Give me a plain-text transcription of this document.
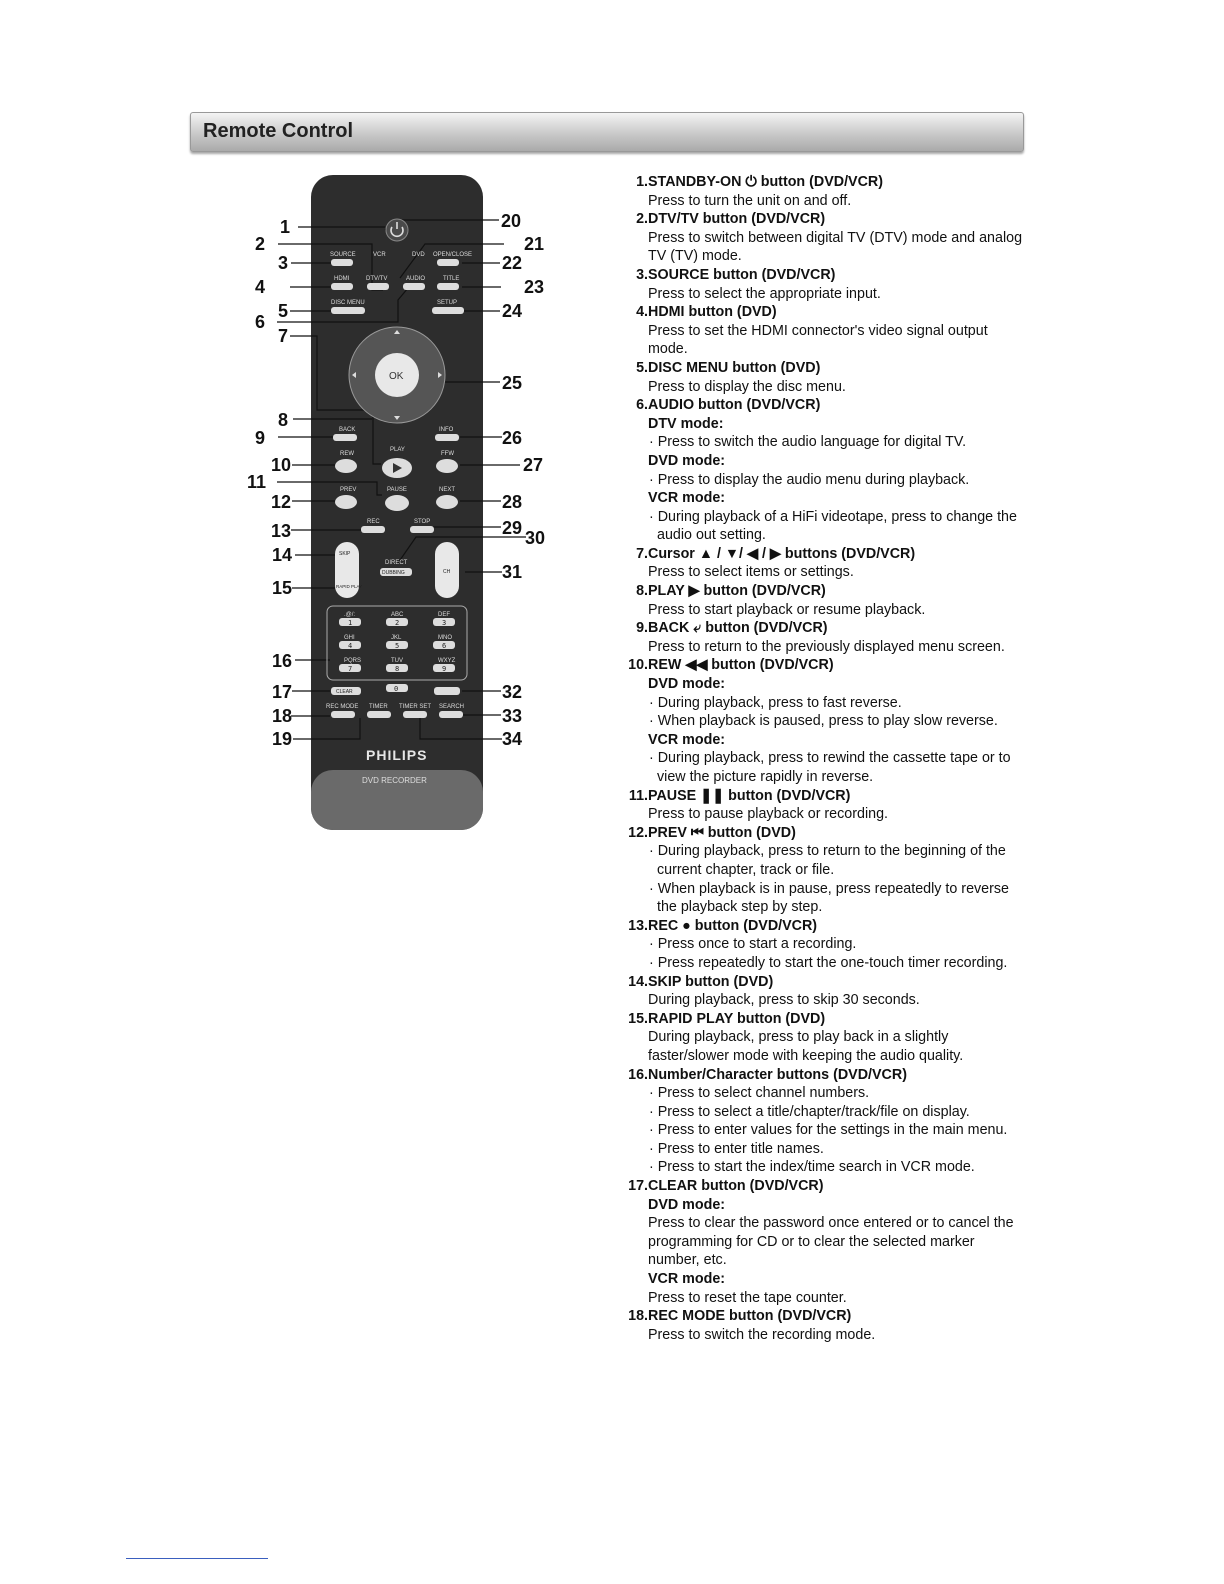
Remote Control
1
2
3
4
5
6
7
8
9
10
11
12
13
14
15
16
17
18
19
20
21
22
23
24
25
26
27
28
29 30
31
32
33
34
SOURCE	VCR	DVD OPEN/CLOSE
HDMI	DTV/TV	AUDIO	TITLE
DISC MENU	SETUP
OK
BACK	INFO
PLAY
REW	FFW
PREV	PAUSE	NEXT
REC	STOP
SKIP
RAPID PLAY
DIRECT
DUBBING	CH
.@/:
1
ABC
2
DEF
3
GHI
4
JKL
5
MNO
6
PQRS
7
TUV
8
WXYZ
9
0
CLEAR
REC MODE TIMER TIMER SET SEARCH
PHILIPS
DVD RECORDER
1.STANDBY-ON ⏻ button (DVD/VCR)
Press to turn the unit on and off.
2.DTV/TV button (DVD/VCR)
Press to switch between digital TV (DTV) mode and analog TV (TV) mode.
3.SOURCE button (DVD/VCR)
Press to select the appropriate input.
4.HDMI button (DVD)
Press to set the HDMI connector's video signal output mode.
5.DISC MENU button (DVD)
Press to display the disc menu.
6.AUDIO button (DVD/VCR)
DTV mode:
· Press to switch the audio language for digital TV.
DVD mode:
· Press to display the audio menu during playback.
VCR mode:
· During playback of a HiFi videotape, press to change the audio out setting.
7.Cursor ▲ / ▼/ ◀ / ▶ buttons (DVD/VCR)
Press to select items or settings.
8.PLAY ▶ button (DVD/VCR)
Press to start playback or resume playback.
9.BACK ⤶ button (DVD/VCR)
Press to return to the previously displayed menu screen.
10.REW ◀◀ button (DVD/VCR)
DVD mode:
· During playback, press to fast reverse.
· When playback is paused, press to play slow reverse.
VCR mode:
· During playback, press to rewind the cassette tape or to view the picture rapidly in reverse.
11.PAUSE ❚❚ button (DVD/VCR)
Press to pause playback or recording.
12.PREV ⏮ button (DVD)
· During playback, press to return to the beginning of the current chapter, track or file.
· When playback is in pause, press repeatedly to reverse the playback step by step.
13.REC ● button (DVD/VCR)
· Press once to start a recording.
· Press repeatedly to start the one-touch timer recording.
14.SKIP button (DVD)
During playback, press to skip 30 seconds.
15.RAPID PLAY button (DVD)
During playback, press to play back in a slightly faster/slower mode with keeping the audio quality.
16.Number/Character buttons (DVD/VCR)
· Press to select channel numbers.
· Press to select a title/chapter/track/file on display.
· Press to enter values for the settings in the main menu.
· Press to enter title names.
· Press to start the index/time search in VCR mode.
17.CLEAR button (DVD/VCR)
DVD mode:
Press to clear the password once entered or to cancel the programming for CD or to clear the selected marker number, etc.
VCR mode:
Press to reset the tape counter.
18.REC MODE button (DVD/VCR)
Press to switch the recording mode.
